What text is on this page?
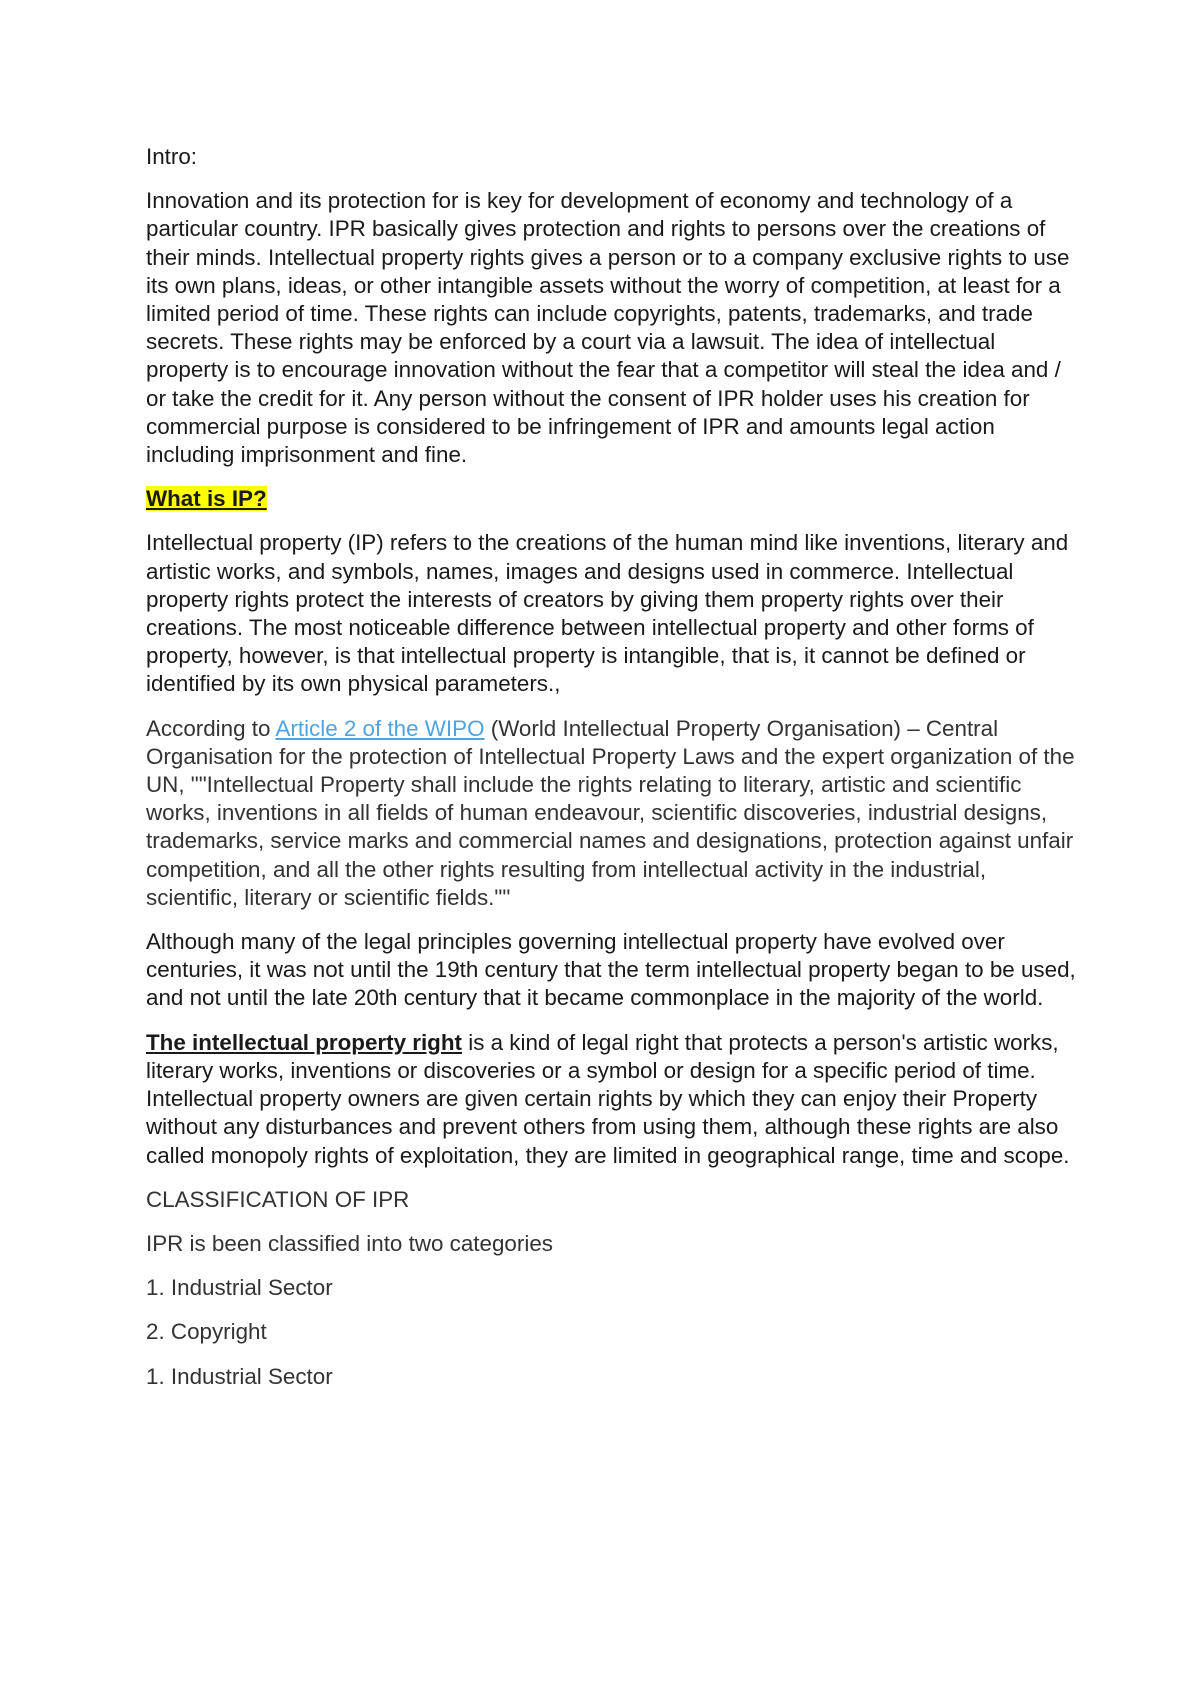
Intro:

Innovation and its protection for is key for development of economy and technology of a particular country. IPR basically gives protection and rights to persons over the creations of their minds. Intellectual property rights gives a person or to a company exclusive rights to use its own plans, ideas, or other intangible assets without the worry of competition, at least for a limited period of time. These rights can include copyrights, patents, trademarks, and trade secrets. These rights may be enforced by a court via a lawsuit. The idea of intellectual property is to encourage innovation without the fear that a competitor will steal the idea and / or take the credit for it. Any person without the consent of IPR holder uses his creation for commercial purpose is considered to be infringement of IPR and amounts legal action including imprisonment and fine.

What is IP?

Intellectual property (IP) refers to the creations of the human mind like inventions, literary and artistic works, and symbols, names, images and designs used in commerce. Intellectual property rights protect the interests of creators by giving them property rights over their creations. The most noticeable difference between intellectual property and other forms of property, however, is that intellectual property is intangible, that is, it cannot be defined or identified by its own physical parameters.,

According to Article 2 of the WIPO (World Intellectual Property Organisation) – Central Organisation for the protection of Intellectual Property Laws and the expert organization of the UN, ""Intellectual Property shall include the rights relating to literary, artistic and scientific works, inventions in all fields of human endeavour, scientific discoveries, industrial designs, trademarks, service marks and commercial names and designations, protection against unfair competition, and all the other rights resulting from intellectual activity in the industrial, scientific, literary or scientific fields.""

Although many of the legal principles governing intellectual property have evolved over centuries, it was not until the 19th century that the term intellectual property began to be used, and not until the late 20th century that it became commonplace in the majority of the world.

The intellectual property right is a kind of legal right that protects a person's artistic works, literary works, inventions or discoveries or a symbol or design for a specific period of time. Intellectual property owners are given certain rights by which they can enjoy their Property without any disturbances and prevent others from using them, although these rights are also called monopoly rights of exploitation, they are limited in geographical range, time and scope.

CLASSIFICATION OF IPR

IPR is been classified into two categories

1. Industrial Sector

2. Copyright

1. Industrial Sector
